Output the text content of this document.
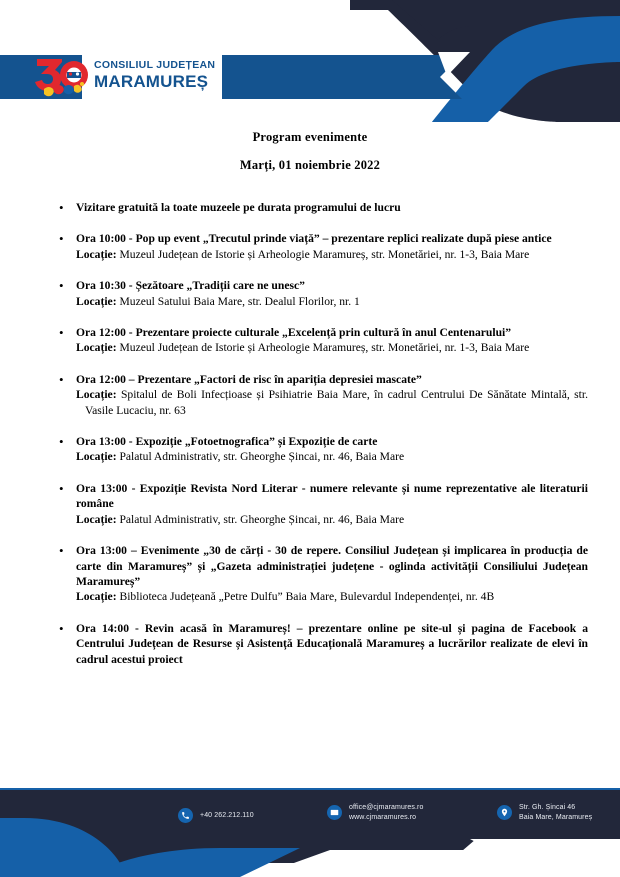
CONSILIUL JUDEȚEAN
MARAMUREȘ
Program evenimente
Marți, 01 noiembrie 2022
• Vizitare gratuită la toate muzeele pe durata programului de lucru
• Ora 10:00 - Pop up event „Trecutul prinde viață” – prezentare replici realizate după piese antice
Locație: Muzeul Județean de Istorie și Arheologie Maramureș, str. Monetăriei, nr. 1-3, Baia Mare
• Ora 10:30 - Șezătoare „Tradiții care ne unesc”
Locație: Muzeul Satului Baia Mare, str. Dealul Florilor, nr. 1
• Ora 12:00 - Prezentare proiecte culturale „Excelență prin cultură în anul Centenarului”
Locație: Muzeul Județean de Istorie și Arheologie Maramureș, str. Monetăriei, nr. 1-3, Baia Mare
• Ora 12:00 – Prezentare „Factori de risc în apariția depresiei mascate”
Locație: Spitalul de Boli Infecțioase și Psihiatrie Baia Mare, în cadrul Centrului De Sănătate Mintală, str. Vasile Lucaciu, nr. 63
• Ora 13:00 - Expoziție „Fotoetnografica” și Expoziție de carte
Locație: Palatul Administrativ, str. Gheorghe Șincai, nr. 46, Baia Mare
• Ora 13:00 - Expoziție Revista Nord Literar - numere relevante și nume reprezentative ale literaturii române
Locație: Palatul Administrativ, str. Gheorghe Șincai, nr. 46, Baia Mare
• Ora 13:00 – Evenimente „30 de cărți - 30 de repere. Consiliul Județean și implicarea în producția de carte din Maramureș” și „Gazeta administrației județene - oglinda activității Consiliului Județean Maramureș”
Locație: Biblioteca Județeană „Petre Dulfu” Baia Mare, Bulevardul Independenței, nr. 4B
• Ora 14:00 - Revin acasă în Maramureș! – prezentare online pe site-ul și pagina de Facebook a Centrului Județean de Resurse și Asistență Educațională Maramureș a lucrărilor realizate de elevi în cadrul acestui proiect
+40 262.212.110
office@cjmaramures.ro
www.cjmaramures.ro
Str. Gh. Șincai 46
Baia Mare, Maramureș
